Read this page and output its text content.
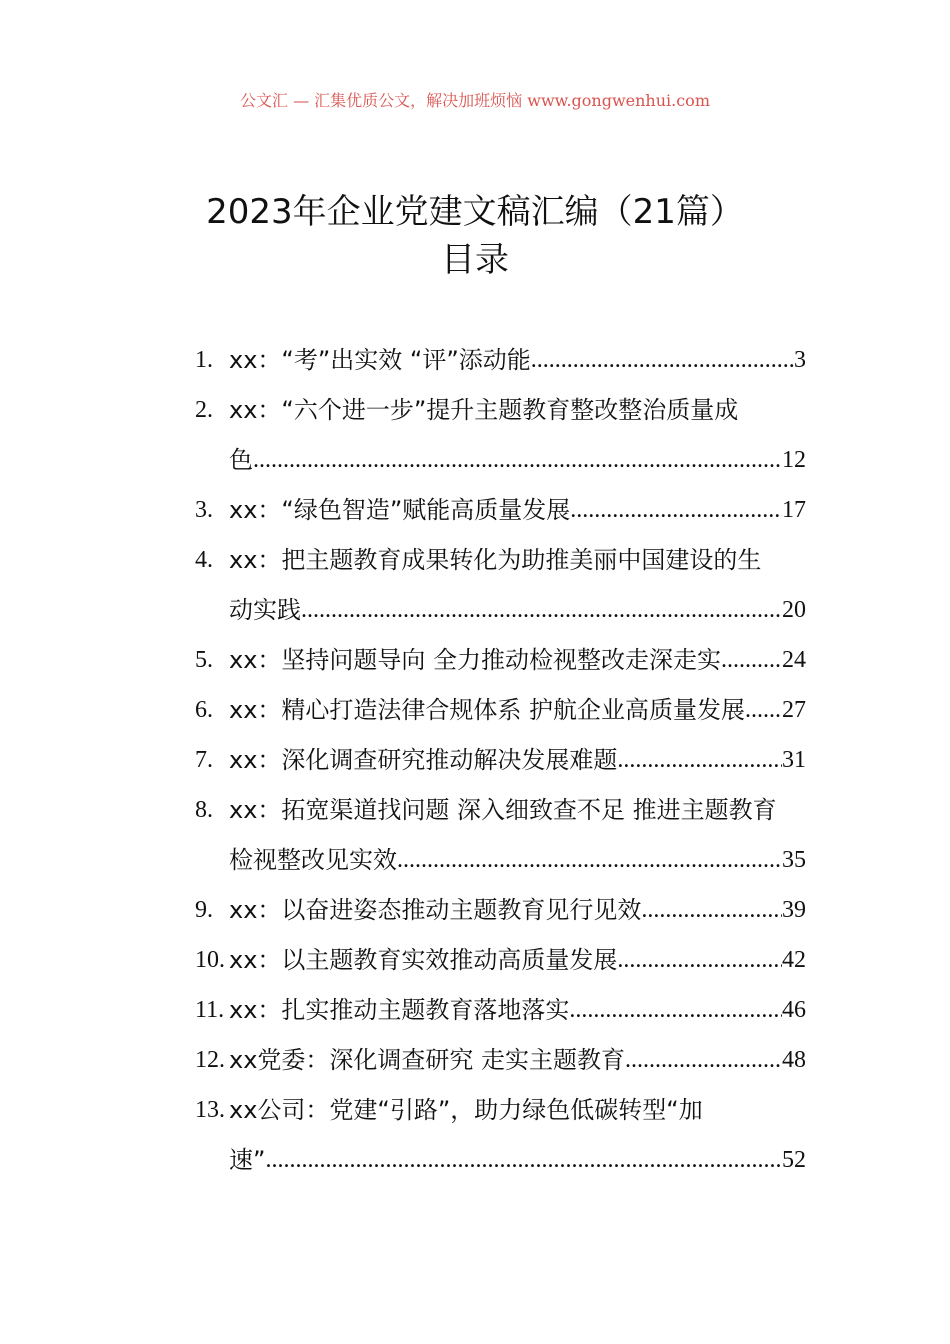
公文汇 — 汇集优质公文，解决加班烦恼 www.gongwenhui.com
2023年企业党建文稿汇编（21篇）
目录
1. xx：“考”出实效 “评”添动能 .....	3
2. xx：“六个进一步”提升主题教育整改整治质量成
色 .....	12
3. xx：“绿色智造”赋能高质量发展 .....	17
4. xx：把主题教育成果转化为助推美丽中国建设的生
动实践 .....	20
5. xx：坚持问题导向 全力推动检视整改走深走实 .....	24
6. xx：精心打造法律合规体系 护航企业高质量发展 ..... 27
7. xx：深化调查研究推动解决发展难题 .....	31
8. xx：拓宽渠道找问题 深入细致查不足 推进主题教育
检视整改见实效 .....	35
9. xx：以奋进姿态推动主题教育见行见效 .....	39
10. xx：以主题教育实效推动高质量发展 .....	42
11. xx：扎实推动主题教育落地落实 .....	46
12. xx党委：深化调查研究 走实主题教育 .....	48
13. xx公司：党建“引路”，助力绿色低碳转型“加
速” .....	52
